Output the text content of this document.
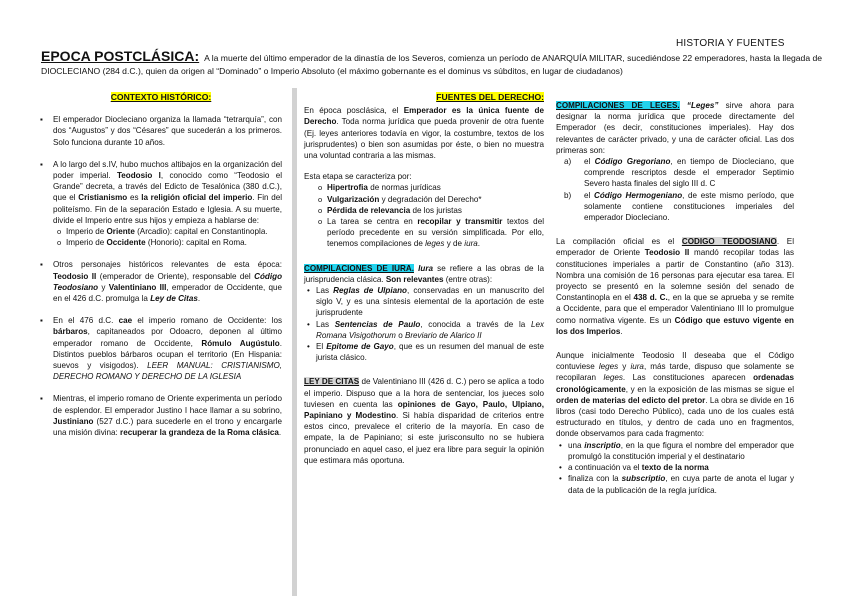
HISTORIA Y FUENTES
EPOCA POSTCLÁSICA: A la muerte del último emperador de la dinastía de los Severos, comienza un período de ANARQUÍA MILITAR, sucediéndose 22 emperadores, hasta la llegada de DIOCLECIANO (284 d.C.), quien da origen al “Dominado” o Imperio Absoluto (el máximo gobernante es el dominus vs súbditos, en lugar de ciudadanos)
CONTEXTO HISTÓRICO:
▪ El emperador Diocleciano organiza la llamada “tetrarquía”, con dos “Augustos” y dos “Césares” que sucederán a los primeros. Solo funciona durante 10 años.
▪ A lo largo del s.IV, hubo muchos altibajos en la organización del poder imperial. Teodosio I, conocido como “Teodosio el Grande” decreta, a través del Edicto de Tesalónica (380 d.C.), que el Cristianismo es la religión oficial del imperio. Fin del politeísmo. Fin de la separación Estado e Iglesia. A su muerte, divide el Imperio entre sus hijos y empieza a hablarse de:
o Imperio de Oriente (Arcadio): capital en Constantinopla.
o Imperio de Occidente (Honorio): capital en Roma.
▪ Otros personajes históricos relevantes de esta época: Teodosio II (emperador de Oriente), responsable del Código Teodosiano y Valentiniano III, emperador de Occidente, que en el 426 d.C. promulga la Ley de Citas.
▪ En el 476 d.C. cae el imperio romano de Occidente: los bárbaros, capitaneados por Odoacro, deponen al último emperador romano de Occidente, Rómulo Augústulo. Distintos pueblos bárbaros ocupan el territorio (En Hispania: suevos y visigodos). LEER MANUAL: CRISTIANISMO, DERECHO ROMANO Y DERECHO DE LA IGLESIA
▪ Mientras, el imperio romano de Oriente experimenta un período de esplendor. El emperador Justino I hace llamar a su sobrino, Justiniano (527 d.C.) para sucederle en el trono y encargarle una misión divina: recuperar la grandeza de la Roma clásica.
FUENTES DEL DERECHO:

En época posclásica, el Emperador es la única fuente de Derecho. Toda norma jurídica que pueda provenir de otra fuente (Ej. leyes anteriores todavía en vigor, la costumbre, textos de los jurisprudentes) o bien son asumidas por éste, o bien no muestra una voluntad contraria a las mismas.

Esta etapa se caracteriza por:

o Hipertrofia de normas jurídicas
o Vulgarización y degradación del Derecho*
o Pérdida de relevancia de los juristas
o La tarea se centra en recopilar y transmitir textos del período precedente en su versión simplificada. Por ello, tenemos compilaciones de leges y de iura.

COMPILACIONES DE IURA. Iura se refiere a las obras de la jurisprudencia clásica. Son relevantes (entre otras):

• Las Reglas de Ulpiano, conservadas en un manuscrito del siglo V, y es una síntesis elemental de la aportación de este jurisprudente
• Las Sentencias de Paulo, conocida a través de la Lex Romana Visigothorum o Breviario de Alarico II
• El Epitome de Gayo, que es un resumen del manual de este jurista clásico.

LEY DE CITAS de Valentiniano III (426 d. C.) pero se aplica a todo el imperio. Dispuso que a la hora de sentenciar, los jueces solo tuviesen en cuenta las opiniones de Gayo, Paulo, Ulpiano, Papiniano y Modestino. Si había disparidad de criterios entre estos cinco, prevalece el criterio de la mayoría. En caso de empate, la de Papiniano; si este jurisconsulto no se hubiera pronunciado en aquel caso, el juez era libre para seguir la opinión que estimara más oportuna.

COMPILACIONES DE LEGES. “Leges” sirve ahora para designar la norma jurídica que procede directamente del Emperador (es decir, constituciones imperiales). Hay dos relevantes de carácter privado, y una de carácter oficial. Las dos primeras son:

a) el Código Gregoriano, en tiempo de Diocleciano, que comprende rescriptos desde el emperador Septimio Severo hasta finales del siglo III d. C
b) el Código Hermogeniano, de este mismo período, que solamente contiene constituciones imperiales del emperador Diocleciano.

La compilación oficial es el CODIGO TEODOSIANO. El emperador de Oriente Teodosio II mandó recopilar todas las constituciones imperiales a partir de Constantino (año 313). Nombra una comisión de 16 personas para ejecutar esa tarea. El proyecto se presentó en la solemne sesión del senado de Constantinopla en el 438 d. C., en la que se aprueba y se remite a Occidente, para que el emperador Valentiniano III lo promulgue como normativa vigente. Es un Código que estuvo vigente en los dos Imperios.

Aunque inicialmente Teodosio II deseaba que el Código contuviese leges y iura, más tarde, dispuso que solamente se recopilaran leges. Las constituciones aparecen ordenadas cronológicamente, y en la exposición de las mismas se sigue el orden de materias del edicto del pretor. La obra se divide en 16 libros (casi todo Derecho Público), cada uno de los cuales está estructurado en títulos, y dentro de cada uno en fragmentos, donde observamos para cada fragmento:

• una inscriptio, en la que figura el nombre del emperador que promulgó la constitución imperial y el destinatario
• a continuación va el texto de la norma
• finaliza con la subscriptio, en cuya parte de anota el lugar y data de la publicación de la regla jurídica.
